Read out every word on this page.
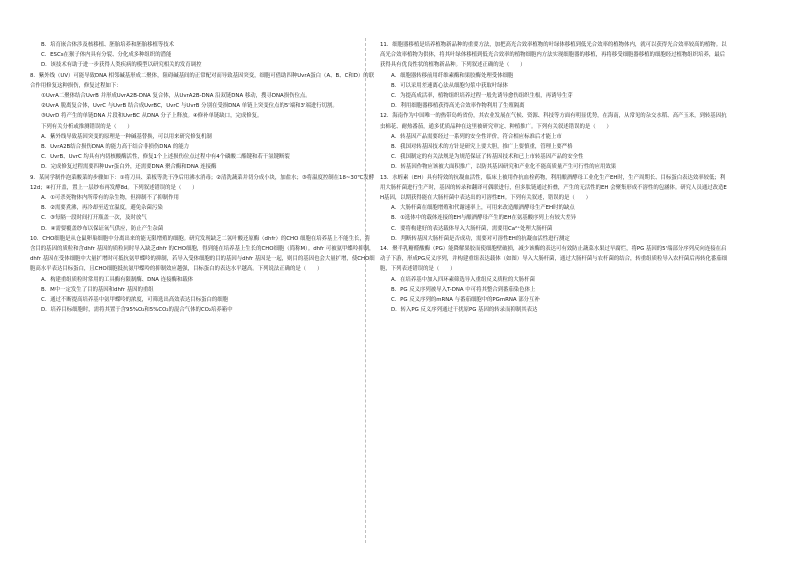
B．培育嵌合体涉及核移植、胚胎培养和胚胎移植等技术

C．ESCs在猴子体内具有分裂、分化成多种组织的潜能

D．该技术有助于进一步获得人类疾病的模型以研究相关的发育调控

8．紫外线（UV）可能导致DNA 相邻碱基形成二聚体，阻碍碱基间的正常配对而导致基因突变，细胞可借助四种UvrA蛋白（A、B、C和D）的联合作用修复这种损伤，修复过程如下：

①UvrA二聚体结合UvrB 并形成UvrA2B-DNA 复合体，从UvrA2B-DNA 沿双链DNA 移动，搜寻DNA损伤位点。

②UvrA 脱离复合体，UvrC 与UvrB 结合成UvrBC，UvrC 与UvrB 分别在受损DNA 单链上突变位点的5'端和3'端进行切割。

③UvrD 将产生的单链DNA 片段和UvrBC 从DNA 分子上释放。④修补单链缺口，完成修复。

下列有关分析或推测错误的是（　　）

A．紫外线导致基因突变的原理是一种碱基替换，可以用来研究修复机制

B．UvrA2B结合损伤DNA 的能力高于结合非损伤DNA 的能力

C．UvrB、UvrC 均具有内切核酸酶活性，修复1个上述损伤位点过程中有4个磷酸二酯键和若干氢键断裂

D．完成修复过程需要四种Uvr蛋白外，还需要DNA 聚合酶和DNA 连接酶

9．某同学制作泡菜酸菜的步骤如下：①将刀具、菜板等洗干净后用沸水消毒；②清洗蔬菜并切分成小块，加盐水；③将温度控制在18~30℃发酵12d；④打开盖，置上一层纱布再发酵8d。下列叙述错误的是（　　）

A．①可杀死物体内所带有的杂生物，但抑制不了抑制作用

B．②需要煮沸，再冷却至适宜温度，避免杂菌污染

C．③每隔一段时间打开瓶盖一次，及时放气

D．④需要覆盖纱布以保证氧气供应，防止产生杂菌

10．CHO细胞是从仓鼠卵巢细胞中分离出来的能无限增殖的细胞。研究发现缺乏二氢叶酸还原酶（dhfr）的CHO 细胞在培养基上不能生长，将含目的基因的质粒和含dhfr 基因的质粒同时导入缺乏dhfr 的CHO细胞，得到能在培养基上生长的CHO细胞（简称M）。dhfr 可被氨甲蝶呤抑制，dhfr 基因在受体细胞中大量扩增时可抵抗氨甲蝶呤的抑制，若导入受体细胞的目的基因与dhfr 基因是一起，则目的基因也会大量扩增，使CHO细胞高水平表达目标蛋白，且CHO细胞抵抗氨甲蝶呤的抑制效应越强，目标蛋白的表达水平越高。下列说法正确的是（　　）

A．构建重组质粒时常用的工具酶有限制酶、DNA 连接酶和载体

B．M中一定发生了目的基因和dhfr 基因的重组

C．通过不断提高培养基中氨甲蝶呤的浓度，可筛选出高效表达目标蛋白的细胞

D．培养目标细胞时，需将其置于含95%O₂和5%CO₂的混合气体的CO₂培养箱中

11．细胞器移植是培养植物新品种的重要方法，加把高光合效率植物的叶绿体移植到低光合效率的植物体内，就可以获得光合效率较高的植物。以高光合效率植物为供体，将其叶绿体移植到低光合效率的植物细胞内方法实现细胞器的移植，再将移受细胞器移植的细胞经过植物组织培养，最后获得具有优良性状的植物新品种。下列叙述正确的是（　　）

A．细胞器转移前用纤维素酶和果胶酶处理受体细胞

B．可以采用差速离心法从细胞匀浆中获取叶绿体

C．为提高成活率，植物组织培养过程一般先诱导愈伤组织生根，再诱导生芽

D．利用细胞器移植获得高光合效率作物利用了生殖隔离

12．海南作为中国唯一的热带岛屿省份，其农业发展在气候、资源、科技等方面有明显优势，在海南，从常见的杂交水稻、高产玉米，到转基因抗虫棉花、耐热番茄，通多优质品种在这里被研究审定、种植推广。下列有关叙述错误的是（　　）

A．转基因产品需要经过一系列的安全性评价，符合相应标准后才能上市

B．我国对转基因技术的方针是研究上要大胆，推广上要慎重，管理上要严格

C．我国制定的有关法规是为规范保证了转基因技术和已上市转基因产品的安全性

D．转基因作物应该被大面积推广，以防其基因研究和产业化不能高质量产生可行性的应用效果

13．水蛭素（EH）具有特效的抗凝血活性，临床上被用作抗血栓药物，利用酿酒酵母工业化生产EH时，生产周期长、目标蛋白表达效率较低；利用大肠杆菌进行生产时，基因的转录和翻译可偶联进行，但多肽链通过折叠，产生的无活性的EH 会聚集形成不溶性的包涵体。研究人员通过改造EH基因，以期获得能在大肠杆菌中表达出的可溶性EH。下列有关叙述，错误的是（　　）

A．大肠杆菌在细胞增殖和代谢速率上，可用来改造酿酒酵母生产EH时的缺点

B．①选体中的载体连接的EH与酿酒酵母产生的EH在氨基酸序列上有较大差异

C．要将构建好的表达载体导入大肠杆菌，需要用Ca²⁺处理大肠杆菌

D．判断转基因大肠杆菌是否成功，需要对可溶性EH的抗凝血活性进行测定

14．聚半乳糖醛酸酶（PG）能降解果胶而使细胞壁破损，减少该酶的表达可有效防止蔬菜水果过早腐烂，将PG 基因的5'端部分序列反向连接在启动子下游，形成PG反义序列，并构建重组表达载体（如图）导入大肠杆菌，通过大肠杆菌与农杆菌的结合，转重组质粒导入农杆菌后再转化番茄细胞，下列表述错误的是（　　）

A．在培养基中加入四环素筛选导入重组反义质粒的大肠杆菌

B．PG 反义序列被导入T-DNA 中可将其整合到番茄染色体上

C．PG 反义序列的mRNA 与番茄细胞中的PGmRNA 部分互补

D．转入PG 反义序列通过干扰原PG 基因的转录而抑制其表达
